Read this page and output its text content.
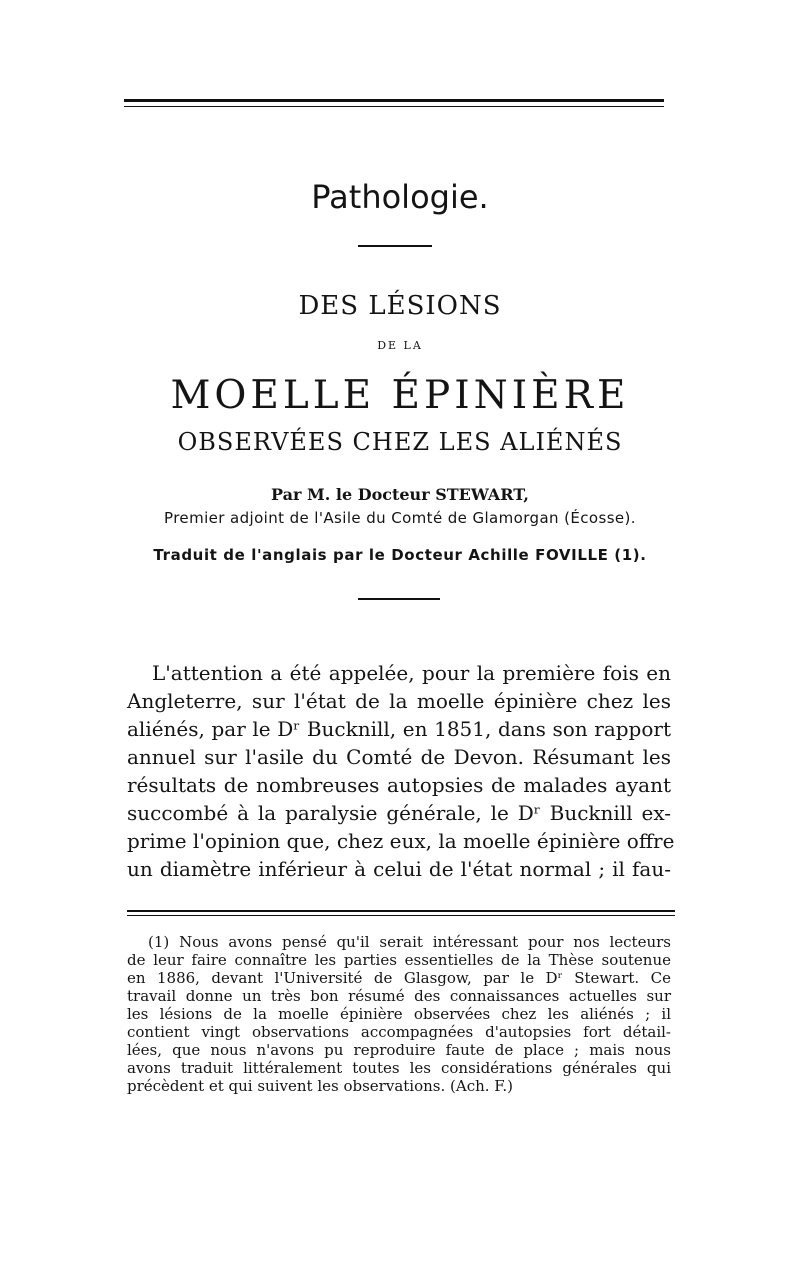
Pathologie.
DES LÉSIONS
DE LA
MOELLE ÉPINIÈRE
OBSERVÉES CHEZ LES ALIÉNÉS
Par M. le Docteur STEWART,
Premier adjoint de l'Asile du Comté de Glamorgan (Écosse).
Traduit de l'anglais par le Docteur Achille FOVILLE (1).
L'attention a été appelée, pour la première fois en
Angleterre, sur l'état de la moelle épinière chez les
aliénés, par le Dʳ Bucknill, en 1851, dans son rapport
annuel sur l'asile du Comté de Devon. Résumant les
résultats de nombreuses autopsies de malades ayant
succombé à la paralysie générale, le Dʳ Bucknill ex-
prime l'opinion que, chez eux, la moelle épinière offre
un diamètre inférieur à celui de l'état normal ; il fau-
(1) Nous avons pensé qu'il serait intéressant pour nos lecteurs
de leur faire connaître les parties essentielles de la Thèse soutenue
en 1886, devant l'Université de Glasgow, par le Dʳ Stewart. Ce
travail donne un très bon résumé des connaissances actuelles sur
les lésions de la moelle épinière observées chez les aliénés ; il
contient vingt observations accompagnées d'autopsies fort détail-
lées, que nous n'avons pu reproduire faute de place ; mais nous
avons traduit littéralement toutes les considérations générales qui
précèdent et qui suivent les observations. (Ach. F.)
